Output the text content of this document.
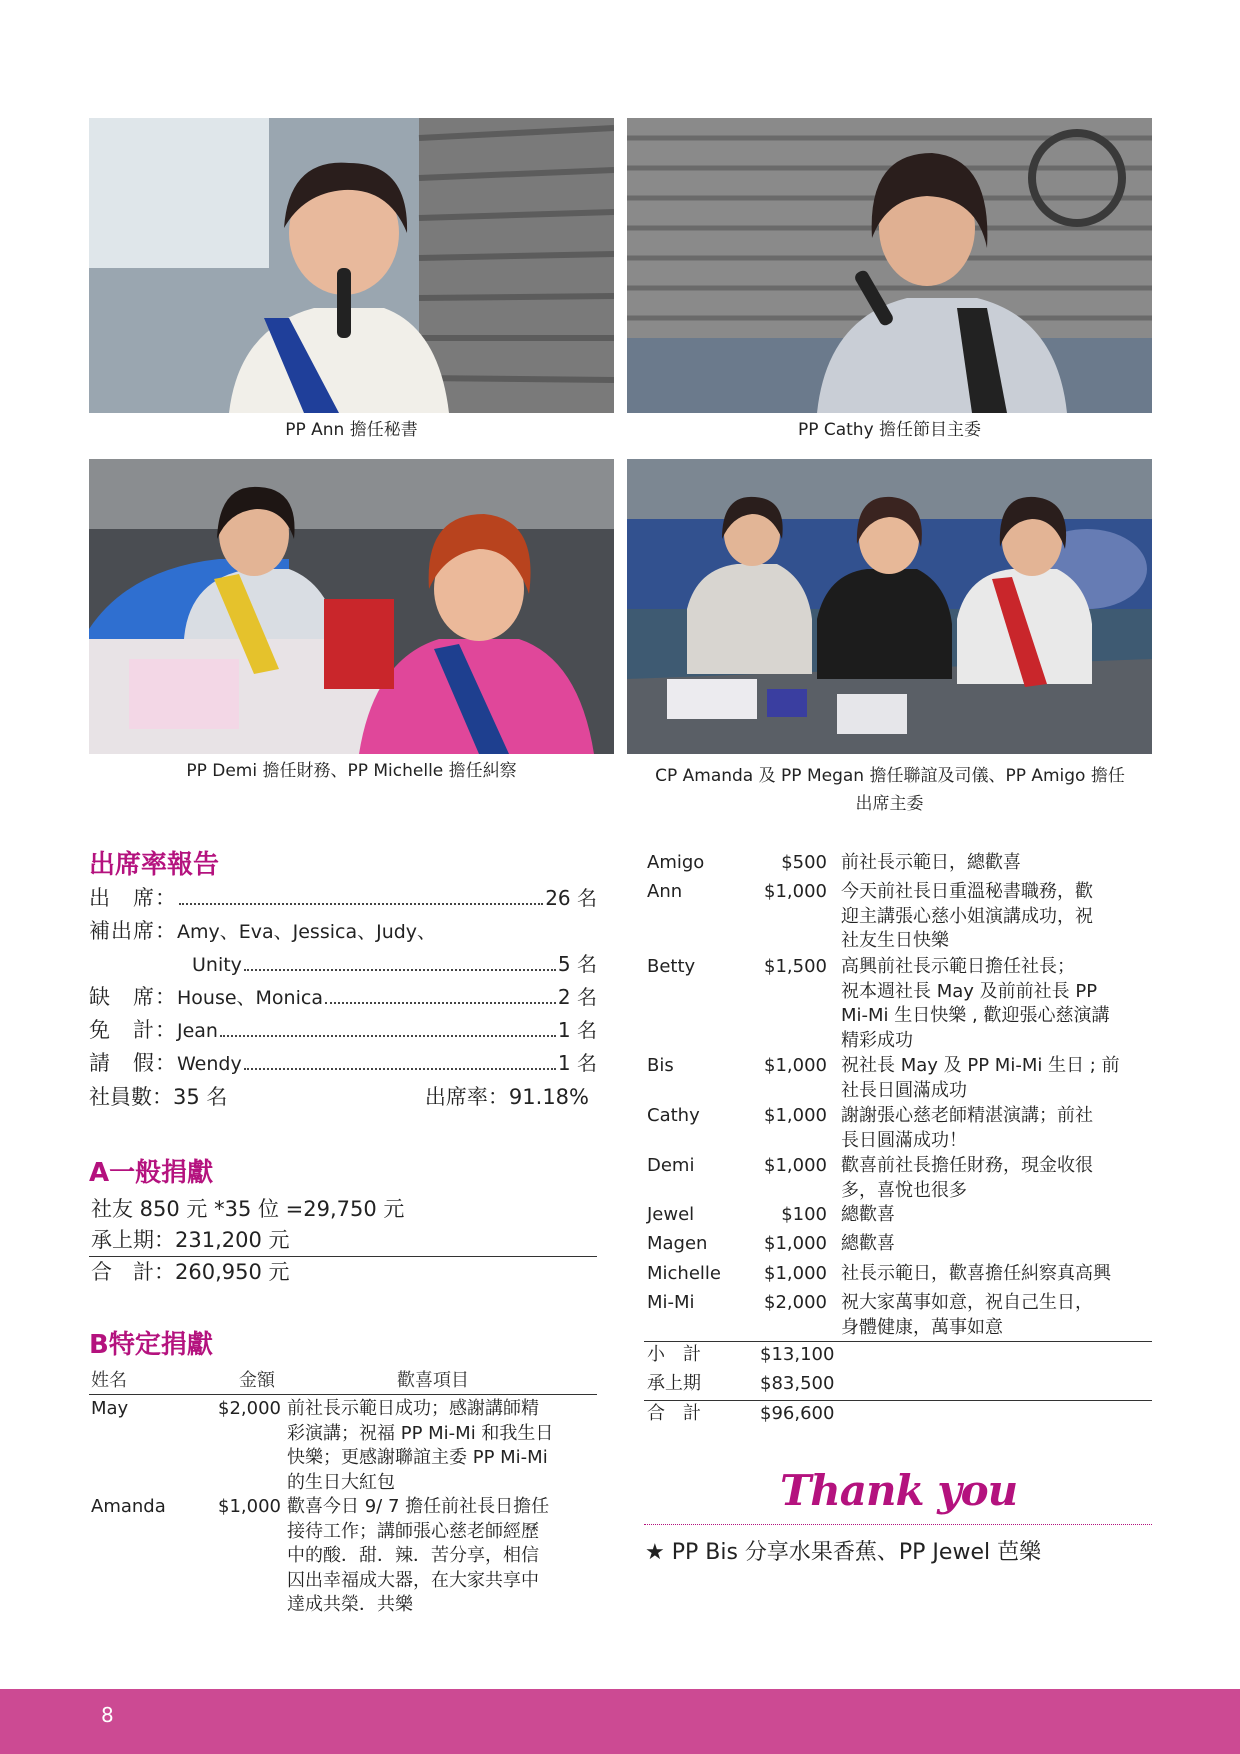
PP Ann 擔任秘書	PP Cathy 擔任節目主委
PP Demi 擔任財務、PP Michelle 擔任糾察	CP Amanda 及 PP Megan 擔任聯誼及司儀、PP Amigo 擔任
出席主委
出席率報告
出　席：	26 名
補出席： Amy、Eva、Jessica、Judy、
Unity	5 名
缺　席： House、Monica	2 名
免　計： Jean	1 名
請　假： Wendy	1 名
社員數：35 名	出席率：91.18%
A一般捐獻
社友 850 元 *35 位 =29,750 元
承上期：231,200 元
合　計：260,950 元
B特定捐獻
姓名	金額	歡喜項目
May	$2,000 前社長示範日成功；感謝講師精
彩演講；祝福 PP Mi-Mi 和我生日
快樂；更感謝聯誼主委 PP Mi-Mi
的生日大紅包
Amanda	$1,000 歡喜今日 9/ 7 擔任前社長日擔任
接待工作；講師張心慈老師經歷
中的酸．甜．辣．苦分享，相信
囚出幸福成大器，在大家共享中
達成共榮．共樂
Amigo	$500 前社長示範日，總歡喜
Ann	$1,000 今天前社長日重溫秘書職務，歡
迎主講張心慈小姐演講成功，祝
社友生日快樂
Betty	$1,500 高興前社長示範日擔任社長；
祝本週社長 May 及前前社長 PP
Mi-Mi 生日快樂 , 歡迎張心慈演講
精彩成功
Bis	$1,000 祝社長 May 及 PP Mi-Mi 生日 ; 前
社長日圓滿成功
Cathy	$1,000 謝謝張心慈老師精湛演講；前社
長日圓滿成功！
Demi	$1,000 歡喜前社長擔任財務，現金收很
多，喜悅也很多
Jewel	$100 總歡喜
Magen	$1,000 總歡喜
Michelle	$1,000 社長示範日，歡喜擔任糾察真高興
Mi-Mi	$2,000 祝大家萬事如意，祝自己生日，
身體健康，萬事如意
小　計	$13,100
承上期	$83,500
合　計	$96,600
Thank you
★ PP Bis 分享水果香蕉、PP Jewel 芭樂
8
